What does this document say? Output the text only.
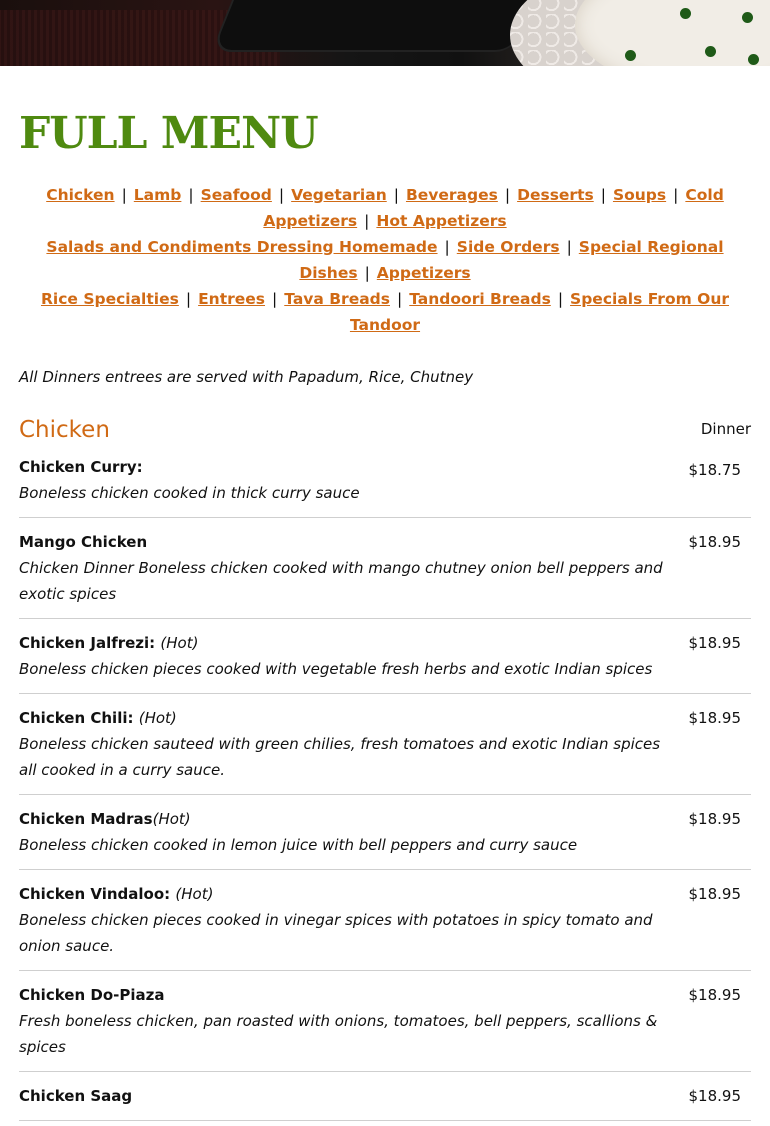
FULL MENU
Chicken | Lamb | Seafood | Vegetarian | Beverages | Desserts | Soups | Cold Appetizers | Hot Appetizers
Salads and Condiments Dressing Homemade | Side Orders | Special Regional Dishes | Appetizers
Rice Specialties | Entrees | Tava Breads | Tandoori Breads | Specials From Our Tandoor
All Dinners entrees are served with Papadum, Rice, Chutney
Chicken	Dinner
Chicken Curry:	$18.75
Boneless chicken cooked in thick curry sauce
Mango Chicken	$18.95
Chicken Dinner Boneless chicken cooked with mango chutney onion bell peppers and exotic spices
Chicken Jalfrezi: (Hot)	$18.95
Boneless chicken pieces cooked with vegetable fresh herbs and exotic Indian spices
Chicken Chili: (Hot)	$18.95
Boneless chicken sauteed with green chilies, fresh tomatoes and exotic Indian spices all cooked in a curry sauce.
Chicken Madras(Hot)	$18.95
Boneless chicken cooked in lemon juice with bell peppers and curry sauce
Chicken Vindaloo: (Hot)	$18.95
Boneless chicken pieces cooked in vinegar spices with potatoes in spicy tomato and onion sauce.
Chicken Do-Piaza	$18.95
Fresh boneless chicken, pan roasted with onions, tomatoes, bell peppers, scallions & spices
Chicken Saag	$18.95
